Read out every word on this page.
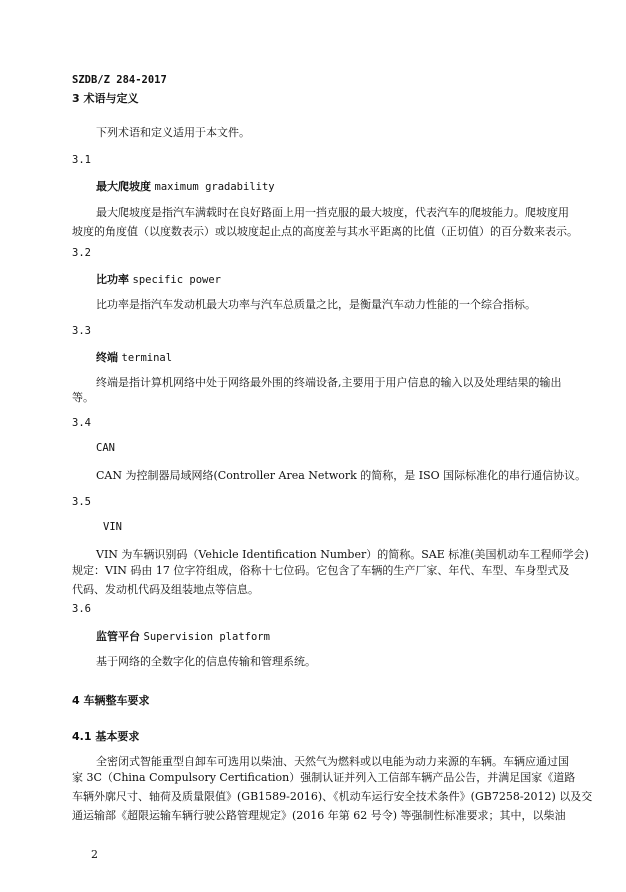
SZDB/Z 284-2017
3 术语与定义
下列术语和定义适用于本文件。
3.1
最大爬坡度 maximum gradability
最大爬坡度是指汽车满载时在良好路面上用一挡克服的最大坡度，代表汽车的爬坡能力。爬坡度用
坡度的角度值（以度数表示）或以坡度起止点的高度差与其水平距离的比值（正切值）的百分数来表示。
3.2
比功率 specific power
比功率是指汽车发动机最大功率与汽车总质量之比，是衡量汽车动力性能的一个综合指标。
3.3
终端 terminal
终端是指计算机网络中处于网络最外围的终端设备,主要用于用户信息的输入以及处理结果的输出
等。
3.4
CAN
CAN 为控制器局域网络(Controller Area Network 的简称，是 ISO 国际标准化的串行通信协议。
3.5
VIN
VIN 为车辆识别码（Vehicle Identification Number）的简称。SAE 标准(美国机动车工程师学会)
规定：VIN 码由 17 位字符组成，俗称十七位码。它包含了车辆的生产厂家、年代、车型、车身型式及
代码、发动机代码及组装地点等信息。
3.6
监管平台 Supervision platform
基于网络的全数字化的信息传输和管理系统。
4 车辆整车要求
4.1 基本要求
全密闭式智能重型自卸车可选用以柴油、天然气为燃料或以电能为动力来源的车辆。车辆应通过国
家 3C（China Compulsory Certification）强制认证并列入工信部车辆产品公告，并满足国家《道路
车辆外廓尺寸、轴荷及质量限值》(GB1589-2016)、《机动车运行安全技术条件》(GB7258-2012) 以及交
通运输部《超限运输车辆行驶公路管理规定》(2016 年第 62 号令) 等强制性标准要求；其中，以柴油
2
